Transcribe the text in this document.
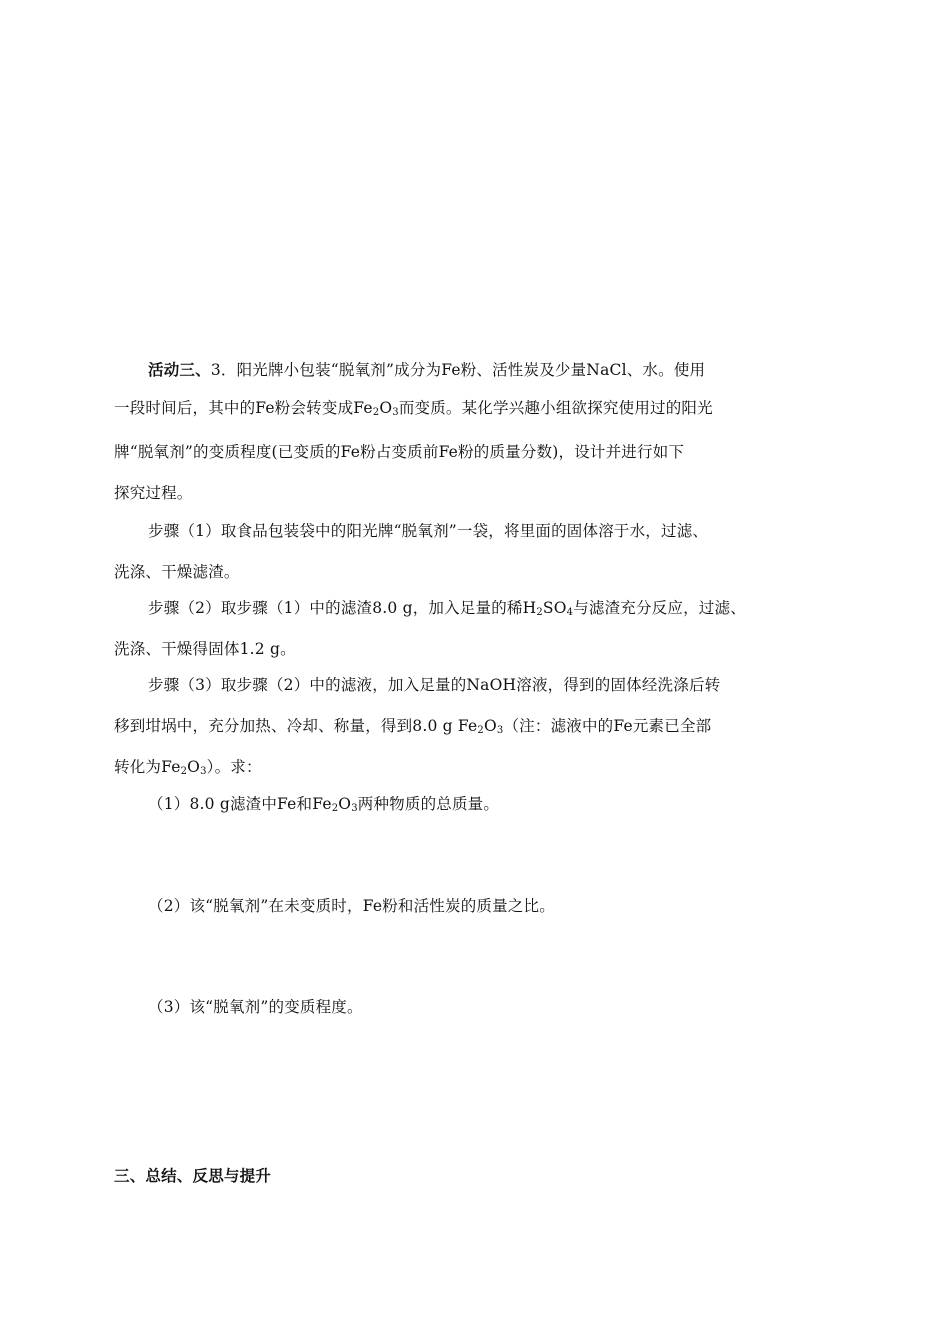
活动三、3．阳光牌小包装“脱氧剂”成分为Fe粉、活性炭及少量NaCl、水。使用
一段时间后，其中的Fe粉会转变成$Fe_2O_3$而变质。某化学兴趣小组欲探究使用过的阳光
牌“脱氧剂”的变质程度(已变质的Fe粉占变质前Fe粉的质量分数)，设计并进行如下
探究过程。
步骤（1）取食品包装袋中的阳光牌“脱氧剂”一袋，将里面的固体溶于水，过滤、
洗涤、干燥滤渣。
步骤（2）取步骤（1）中的滤渣8.0 g，加入足量的稀$H_2SO_4$与滤渣充分反应，过滤、
洗涤、干燥得固体1.2 g。
步骤（3）取步骤（2）中的滤液，加入足量的NaOH溶液，得到的固体经洗涤后转
移到坩埚中，充分加热、冷却、称量，得到8.0 g $Fe_2O_3$（注：滤液中的Fe元素已全部
转化为$Fe_2O_3$）。求：
（1）8.0 g滤渣中Fe和$Fe_2O_3$两种物质的总质量。
（2）该“脱氧剂”在未变质时，Fe粉和活性炭的质量之比。
（3）该“脱氧剂”的变质程度。
三、总结、反思与提升
